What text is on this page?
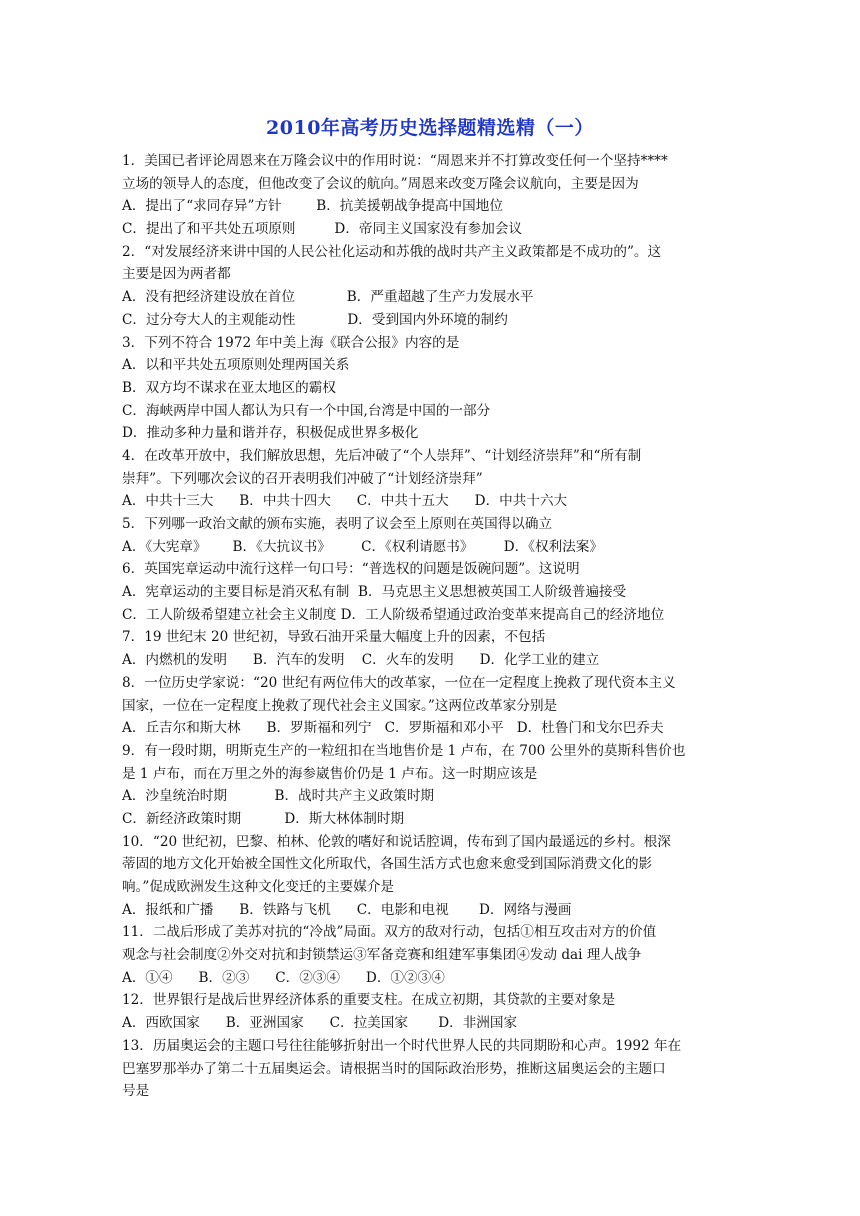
2010年高考历史选择题精选精（一）
1．美国已者评论周恩来在万隆会议中的作用时说：“周恩来并不打算改变任何一个坚持****
立场的领导人的态度，但他改变了会议的航向。”周恩来改变万隆会议航向，主要是因为
A．提出了“求同存异”方针        B．抗美援朝战争提高中国地位
C．提出了和平共处五项原则         D．帝同主义国家没有参加会议
2．“对发展经济来讲中国的人民公社化运动和苏俄的战时共产主义政策都是不成功的”。这
主要是因为两者都
A．没有把经济建设放在首位            B．严重超越了生产力发展水平
C．过分夸大人的主观能动性            D．受到国内外环境的制约
3．下列不符合 1972 年中美上海《联合公报》内容的是
A．以和平共处五项原则处理两国关系
B．双方均不谋求在亚太地区的霸权
C．海峡两岸中国人都认为只有一个中国,台湾是中国的一部分
D．推动多种力量和谐并存，积极促成世界多极化
4．在改革开放中，我们解放思想，先后冲破了“个人崇拜”、“计划经济崇拜”和“所有制
崇拜”。下列哪次会议的召开表明我们冲破了“计划经济崇拜”
A．中共十三大      B．中共十四大      C．中共十五大      D．中共十六大
5．下列哪一政治文献的颁布实施，表明了议会至上原则在英国得以确立
A．《大宪章》      B．《大抗议书》       C．《权利请愿书》       D．《权利法案》
6．英国宪章运动中流行这样一句口号：“普选权的问题是饭碗问题”。这说明
A．宪章运动的主要目标是消灭私有制  B．马克思主义思想被英国工人阶级普遍接受
C．工人阶级希望建立社会主义制度 D．工人阶级希望通过政治变革来提高自己的经济地位
7．19 世纪末 20 世纪初，导致石油开采量大幅度上升的因素，不包括
A．内燃机的发明      B．汽车的发明    C．火车的发明      D．化学工业的建立
8．一位历史学家说：“20 世纪有两位伟大的改革家，一位在一定程度上挽救了现代资本主义
国家，一位在一定程度上挽救了现代社会主义国家。”这两位改革家分别是
A．丘吉尔和斯大林      B．罗斯福和列宁   C．罗斯福和邓小平   D．杜鲁门和戈尔巴乔夫
9．有一段时期，明斯克生产的一粒纽扣在当地售价是 1 卢布，在 700 公里外的莫斯科售价也
是 1 卢布，而在万里之外的海参崴售价仍是 1 卢布。这一时期应该是
A．沙皇统治时期           B．战时共产主义政策时期
C．新经济政策时期          D．斯大林体制时期
10．“20 世纪初，巴黎、柏林、伦敦的嗜好和说话腔调，传布到了国内最遥远的乡村。根深
蒂固的地方文化开始被全国性文化所取代，各国生活方式也愈来愈受到国际消费文化的影
响。”促成欧洲发生这种文化变迁的主要媒介是
A．报纸和广播      B．铁路与飞机      C．电影和电视       D．网络与漫画
11．二战后形成了美苏对抗的“冷战”局面。双方的敌对行动，包括①相互攻击对方的价值
观念与社会制度②外交对抗和封锁禁运③军备竞赛和组建军事集团④发动 dai 理人战争
A．①④      B．②③      C．②③④      D．①②③④
12．世界银行是战后世界经济体系的重要支柱。在成立初期，其贷款的主要对象是
A．西欧国家      B．亚洲国家      C．拉美国家       D．非洲国家
13．历届奥运会的主题口号往往能够折射出一个时代世界人民的共同期盼和心声。1992 年在
巴塞罗那举办了第二十五届奥运会。请根据当时的国际政治形势，推断这届奥运会的主题口
号是
